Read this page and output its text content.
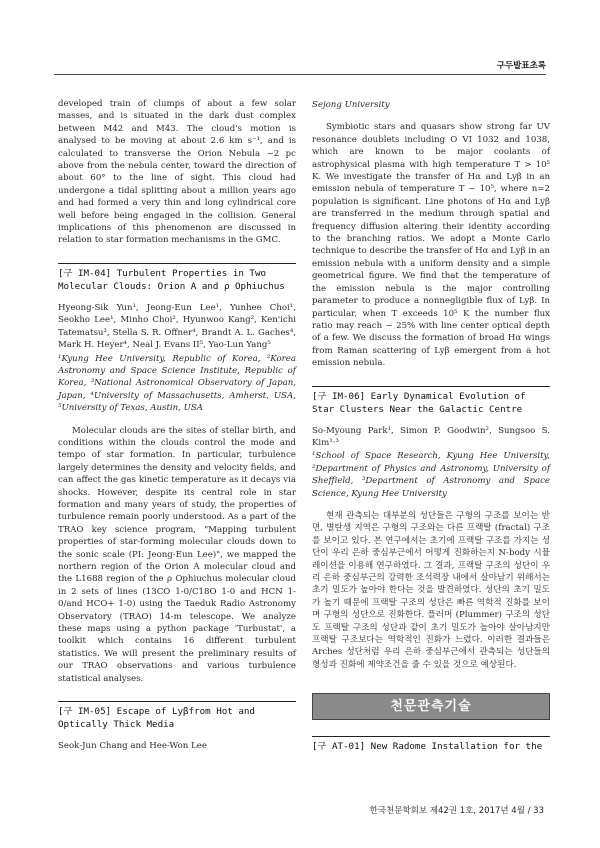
구두발표초록

developed train of clumps of about a few solar masses, and is situated in the dark dust complex between M42 and M43. The cloud's motion is analysed to be moving at about 2.6 km s⁻¹, and is calculated to transverse the Orion Nebula ~2 pc above from the nebula center, toward the direction of about 60° to the line of sight. This cloud had undergone a tidal splitting about a million years ago and had formed a very thin and long cylindrical core well before being engaged in the collision. General implications of this phenomenon are discussed in relation to star formation mechanisms in the GMC.

[구 IM-04] Turbulent Properties in Two Molecular Clouds: Orion A and ρ Ophiuchus

Hyeong-Sik Yun¹, Jeong-Eun Lee¹, Yunhee Choi¹, Seokho Lee¹, Minho Choi², Hyunwoo Kang², Ken'ichi Tatematsu³, Stella S. R. Offner⁴, Brandt A. L. Gaches⁴, Mark H. Heyer⁴, Neal J. Evans II⁵, Yao-Lun Yang⁵

¹Kyung Hee University, Republic of Korea, ²Korea Astronomy and Space Science Institute, Republic of Korea, ³National Astronomical Observatory of Japan, Japan, ⁴University of Massachusetts, Amherst, USA, ⁵University of Texas, Austin, USA

Molecular clouds are the sites of stellar birth, and conditions within the clouds control the mode and tempo of star formation. In particular, turbulence largely determines the density and velocity fields, and can affect the gas kinetic temperature as it decays via shocks. However, despite its central role in star formation and many years of study, the properties of turbulence remain poorly understood. As a part of the TRAO key science program, "Mapping turbulent properties of star-forming molecular clouds down to the sonic scale (PI: Jeong-Eun Lee)", we mapped the northern region of the Orion A molecular cloud and the L1688 region of the ρ Ophiuchus molecular cloud in 2 sets of lines (13CO 1-0/C18O 1-0 and HCN 1-0/and HCO+ 1-0) using the Taeduk Radio Astronomy Observatory (TRAO) 14-m telescope. We analyze these maps using a python package 'Turbustat', a toolkit which contains 16 different turbulent statistics. We will present the preliminary results of our TRAO observations and various turbulence statistical analyses.

[구 IM-05] Escape of Lyβfrom Hot and Optically Thick Media

Seok-Jun Chang and Hee-Won Lee

Sejong University

Symbiotic stars and quasars show strong far UV resonance doublets including O VI 1032 and 1038, which are known to be major coolants of astrophysical plasma with high temperature T > 10⁵ K. We investigate the transfer of Hα and Lyβ in an emission nebula of temperature T ~ 10⁵, where n=2 population is significant. Line photons of Hα and Lyβ are transferred in the medium through spatial and frequency diffusion altering their identity according to the branching ratios. We adopt a Monte Carlo technique to describe the transfer of Hα and Lyβ in an emission nebula with a uniform density and a simple geometrical figure. We find that the temperature of the emission nebula is the major controlling parameter to produce a nonnegligible flux of Lyβ. In particular, when T exceeds 10⁵ K the number flux ratio may reach ~ 25% with line center optical depth of a few. We discuss the formation of broad Hα wings from Raman scattering of Lyβ emergent from a hot emission nebula.

[구 IM-06] Early Dynamical Evolution of Star Clusters Near the Galactic Centre

So-Myoung Park¹, Simon P. Goodwin², Sungsoo S. Kim¹·³

¹School of Space Research, Kyung Hee University, ²Department of Physics and Astronomy, University of Sheffield, ³Department of Astronomy and Space Science, Kyung Hee University

현재 관측되는 대부분의 성단들은 구형의 구조를 보이는 반면, 별탄생 지역은 구형의 구조와는 다른 프랙탈 (fractal) 구조를 보이고 있다. 본 연구에서는 초기에 프랙탈 구조를 가지는 성단이 우리 은하 중심부근에서 어떻게 진화하는지 N-body 시뮬레이션을 이용해 연구하였다. 그 결과, 프랙탈 구조의 성단이 우리 은하 중심부근의 강력한 조석력장 내에서 살아남기 위해서는 초기 밀도가 높아야 한다는 것을 발견하였다. 성단의 초기 밀도가 높기 때문에 프랙탈 구조의 성단은 빠른 역학적 진화를 보이며 구형의 성단으로 진화한다. 플러머 (Plummer) 구조의 성단도 프랙탈 구조의 성단과 같이 초기 밀도가 높아야 살아남지만 프랙탈 구조보다는 역학적인 진화가 느렸다. 이러한 결과들은 Arches 성단처럼 우리 은하 중심부근에서 관측되는 성단들의 형성과 진화에 제약조건을 줄 수 있을 것으로 예상된다.

천문관측기술
[구 AT-01] New Radome Installation for the
한국천문학회보 제42권 1호, 2017년 4월 / 33
